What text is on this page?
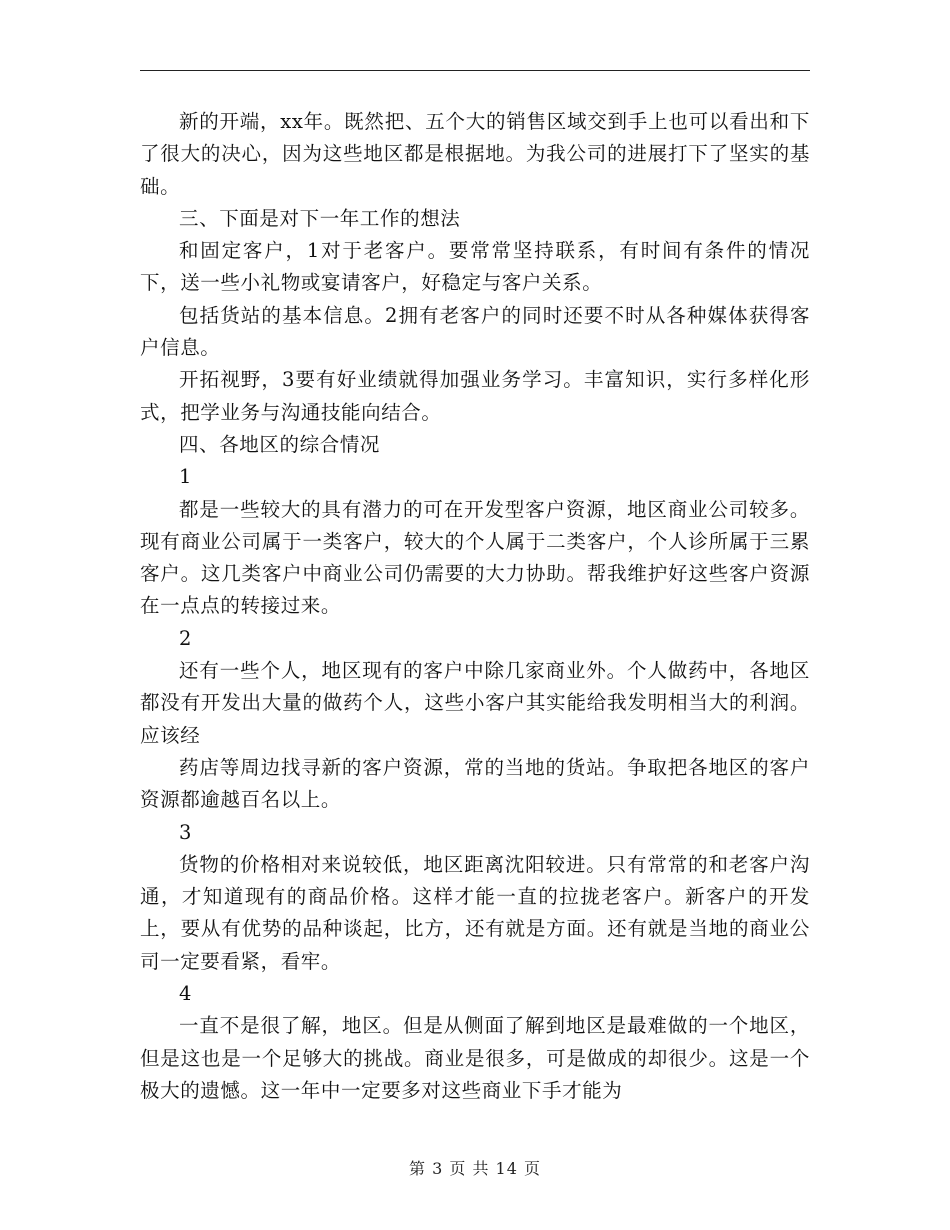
新的开端，xx年。既然把、五个大的销售区域交到手上也可以看出和下了很大的决心，因为这些地区都是根据地。为我公司的进展打下了坚实的基础。

三、下面是对下一年工作的想法

和固定客户，1对于老客户。要常常坚持联系，有时间有条件的情况下，送一些小礼物或宴请客户，好稳定与客户关系。

包括货站的基本信息。2拥有老客户的同时还要不时从各种媒体获得客户信息。

开拓视野，3要有好业绩就得加强业务学习。丰富知识，实行多样化形式，把学业务与沟通技能向结合。

四、各地区的综合情况

1

都是一些较大的具有潜力的可在开发型客户资源，地区商业公司较多。现有商业公司属于一类客户，较大的个人属于二类客户，个人诊所属于三累客户。这几类客户中商业公司仍需要的大力协助。帮我维护好这些客户资源在一点点的转接过来。

2

还有一些个人，地区现有的客户中除几家商业外。个人做药中，各地区都没有开发出大量的做药个人，这些小客户其实能给我发明相当大的利润。应该经

药店等周边找寻新的客户资源，常的当地的货站。争取把各地区的客户资源都逾越百名以上。

3

货物的价格相对来说较低，地区距离沈阳较进。只有常常的和老客户沟通，才知道现有的商品价格。这样才能一直的拉拢老客户。新客户的开发上，要从有优势的品种谈起，比方，还有就是方面。还有就是当地的商业公司一定要看紧，看牢。

4

一直不是很了解，地区。但是从侧面了解到地区是最难做的一个地区，但是这也是一个足够大的挑战。商业是很多，可是做成的却很少。这是一个极大的遗憾。这一年中一定要多对这些商业下手才能为

第 3 页 共 14 页
